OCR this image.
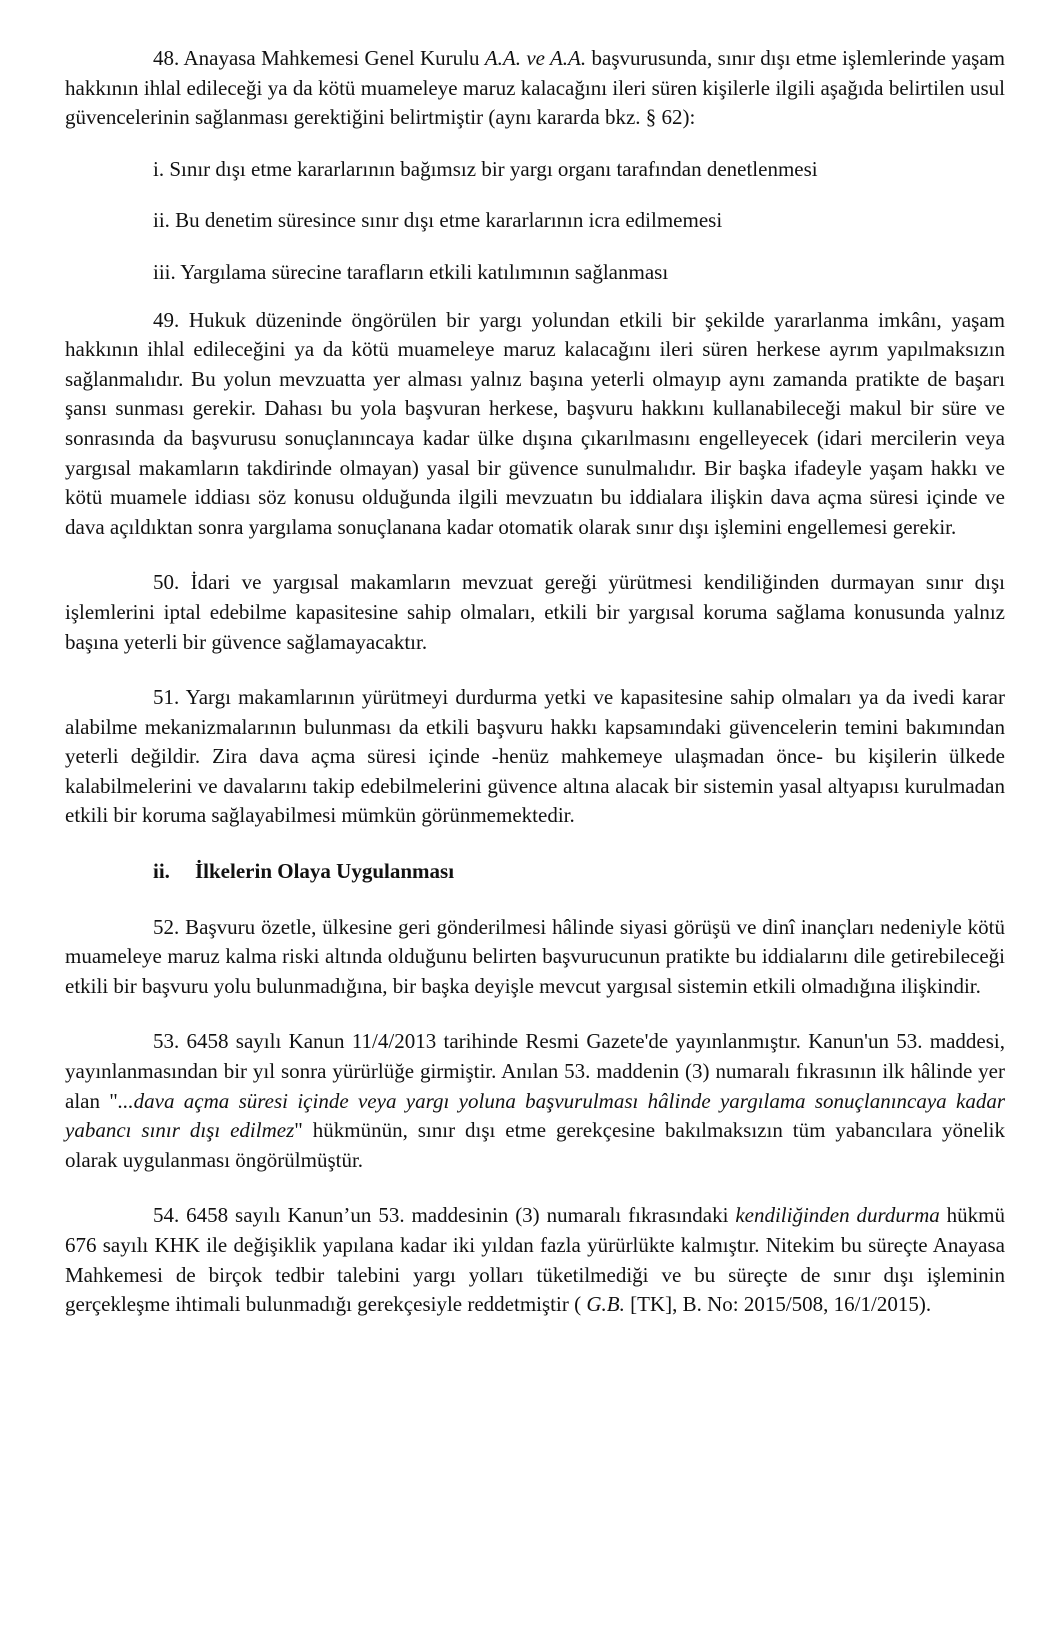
48. Anayasa Mahkemesi Genel Kurulu A.A. ve A.A. başvurusunda, sınır dışı etme işlemlerinde yaşam hakkının ihlal edileceği ya da kötü muameleye maruz kalacağını ileri süren kişilerle ilgili aşağıda belirtilen usul güvencelerinin sağlanması gerektiğini belirtmiştir (aynı kararda bkz. § 62):

i. Sınır dışı etme kararlarının bağımsız bir yargı organı tarafından denetlenmesi

ii. Bu denetim süresince sınır dışı etme kararlarının icra edilmemesi

iii. Yargılama sürecine tarafların etkili katılımının sağlanması

49. Hukuk düzeninde öngörülen bir yargı yolundan etkili bir şekilde yararlanma imkânı, yaşam hakkının ihlal edileceğini ya da kötü muameleye maruz kalacağını ileri süren herkese ayrım yapılmaksızın sağlanmalıdır. Bu yolun mevzuatta yer alması yalnız başına yeterli olmayıp aynı zamanda pratikte de başarı şansı sunması gerekir. Dahası bu yola başvuran herkese, başvuru hakkını kullanabileceği makul bir süre ve sonrasında da başvurusu sonuçlanıncaya kadar ülke dışına çıkarılmasını engelleyecek (idari mercilerin veya yargısal makamların takdirinde olmayan) yasal bir güvence sunulmalıdır. Bir başka ifadeyle yaşam hakkı ve kötü muamele iddiası söz konusu olduğunda ilgili mevzuatın bu iddialara ilişkin dava açma süresi içinde ve dava açıldıktan sonra yargılama sonuçlanana kadar otomatik olarak sınır dışı işlemini engellemesi gerekir.

50. İdari ve yargısal makamların mevzuat gereği yürütmesi kendiliğinden durmayan sınır dışı işlemlerini iptal edebilme kapasitesine sahip olmaları, etkili bir yargısal koruma sağlama konusunda yalnız başına yeterli bir güvence sağlamayacaktır.

51. Yargı makamlarının yürütmeyi durdurma yetki ve kapasitesine sahip olmaları ya da ivedi karar alabilme mekanizmalarının bulunması da etkili başvuru hakkı kapsamındaki güvencelerin temini bakımından yeterli değildir. Zira dava açma süresi içinde -henüz mahkemeye ulaşmadan önce- bu kişilerin ülkede kalabilmelerini ve davalarını takip edebilmelerini güvence altına alacak bir sistemin yasal altyapısı kurulmadan etkili bir koruma sağlayabilmesi mümkün görünmemektedir.

ii. İlkelerin Olaya Uygulanması

52. Başvuru özetle, ülkesine geri gönderilmesi hâlinde siyasi görüşü ve dinî inançları nedeniyle kötü muameleye maruz kalma riski altında olduğunu belirten başvurucunun pratikte bu iddialarını dile getirebileceği etkili bir başvuru yolu bulunmadığına, bir başka deyişle mevcut yargısal sistemin etkili olmadığına ilişkindir.

53. 6458 sayılı Kanun 11/4/2013 tarihinde Resmi Gazete'de yayınlanmıştır. Kanun'un 53. maddesi, yayınlanmasından bir yıl sonra yürürlüğe girmiştir. Anılan 53. maddenin (3) numaralı fıkrasının ilk hâlinde yer alan "...dava açma süresi içinde veya yargı yoluna başvurulması hâlinde yargılama sonuçlanıncaya kadar yabancı sınır dışı edilmez" hükmünün, sınır dışı etme gerekçesine bakılmaksızın tüm yabancılara yönelik olarak uygulanması öngörülmüştür.

54. 6458 sayılı Kanun’un 53. maddesinin (3) numaralı fıkrasındaki kendiliğinden durdurma hükmü 676 sayılı KHK ile değişiklik yapılana kadar iki yıldan fazla yürürlükte kalmıştır. Nitekim bu süreçte Anayasa Mahkemesi de birçok tedbir talebini yargı yolları tüketilmediği ve bu süreçte de sınır dışı işleminin gerçekleşme ihtimali bulunmadığı gerekçesiyle reddetmiştir ( G.B. [TK], B. No: 2015/508, 16/1/2015).
